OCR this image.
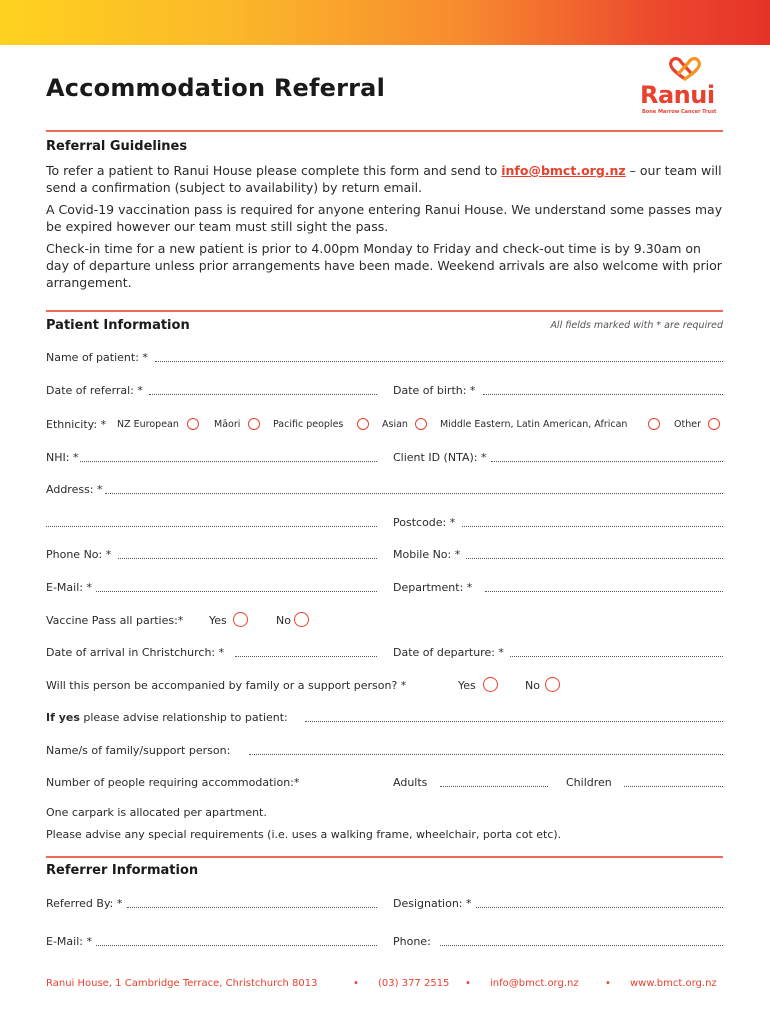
Accommodation Referral	Ranui
Bone Marrow Cancer Trust
Referral Guidelines
To refer a patient to Ranui House please complete this form and send to info@bmct.org.nz – our team will send a confirmation (subject to availability) by return email.
A Covid-19 vaccination pass is required for anyone entering Ranui House. We understand some passes may be expired however our team must still sight the pass.
Check-in time for a new patient is prior to 4.00pm Monday to Friday and check-out time is by 9.30am on day of departure unless prior arrangements have been made. Weekend arrivals are also welcome with prior arrangement.
Patient Information	All fields marked with * are required
Name of patient: *
Date of referral: *	Date of birth: *
Ethnicity: * NZ European	Māori	Pacific peoples	Asian	Middle Eastern, Latin American, African	Other
NHI: *	Client ID (NTA): *
Address: *
Postcode: *
Phone No: *	Mobile No: *
E-Mail: *	Department: *
Vaccine Pass all parties:* Yes	No
Date of arrival in Christchurch: *	Date of departure: *
Will this person be accompanied by family or a support person? *	Yes	No
If yes please advise relationship to patient:
Name/s of family/support person:
Number of people requiring accommodation:*	Adults	Children
One carpark is allocated per apartment.
Please advise any special requirements (i.e. uses a walking frame, wheelchair, porta cot etc).
Referrer Information
Referred By: *	Designation: *
E-Mail: *	Phone:
Ranui House, 1 Cambridge Terrace, Christchurch 8013	• (03) 377 2515 • info@bmct.org.nz	• www.bmct.org.nz
